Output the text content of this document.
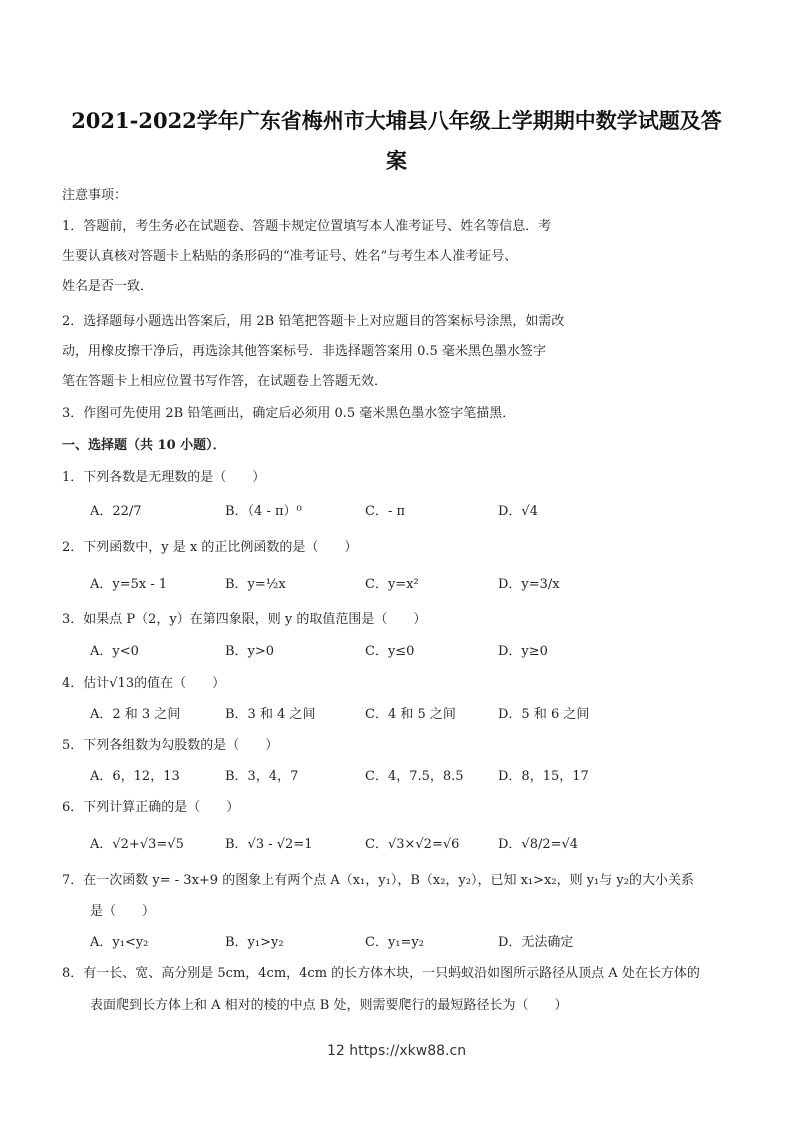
2021-2022学年广东省梅州市大埔县八年级上学期期中数学试题及答
案
注意事项：
1．答题前，考生务必在试题卷、答题卡规定位置填写本人准考证号、姓名等信息．考
生要认真核对答题卡上粘贴的条形码的“准考证号、姓名”与考生本人准考证号、
姓名是否一致．
2．选择题每小题选出答案后，用 2B 铅笔把答题卡上对应题目的答案标号涂黑，如需改
动，用橡皮擦干净后，再选涂其他答案标号．非选择题答案用 0.5 毫米黑色墨水签字
笔在答题卡上相应位置书写作答，在试题卷上答题无效．
3．作图可先使用 2B 铅笔画出，确定后必须用 0.5 毫米黑色墨水签字笔描黑．
一、选择题（共 10 小题）．
1．下列各数是无理数的是（　　）
A．22/7	B．（4 - π）⁰	C．- π	D．√4
2．下列函数中，y 是 x 的正比例函数的是（　　）
A．y=5x - 1	B．y=½x	C．y=x²	D．y=3/x
3．如果点 P（2，y）在第四象限，则 y 的取值范围是（　　）
A．y<0	B．y>0	C．y≤0	D．y≥0
4．估计√13的值在（　　）
A．2 和 3 之间	B．3 和 4 之间	C．4 和 5 之间	D．5 和 6 之间
5．下列各组数为勾股数的是（　　）
A．6，12，13	B．3，4，7	C．4，7.5，8.5	D．8，15，17
6．下列计算正确的是（　　）
A．√2+√3=√5	B．√3 - √2=1	C．√3×√2=√6	D．√8/2=√4
7．在一次函数 y= - 3x+9 的图象上有两个点 A（x₁，y₁），B（x₂，y₂），已知 x₁>x₂，则 y₁与 y₂的大小关系
是（　　）
A．y₁<y₂	B．y₁>y₂	C．y₁=y₂	D．无法确定
8．有一长、宽、高分别是 5cm，4cm，4cm 的长方体木块，一只蚂蚁沿如图所示路径从顶点 A 处在长方体的
表面爬到长方体上和 A 相对的棱的中点 B 处，则需要爬行的最短路径长为（　　）
12 https://xkw88.cn
